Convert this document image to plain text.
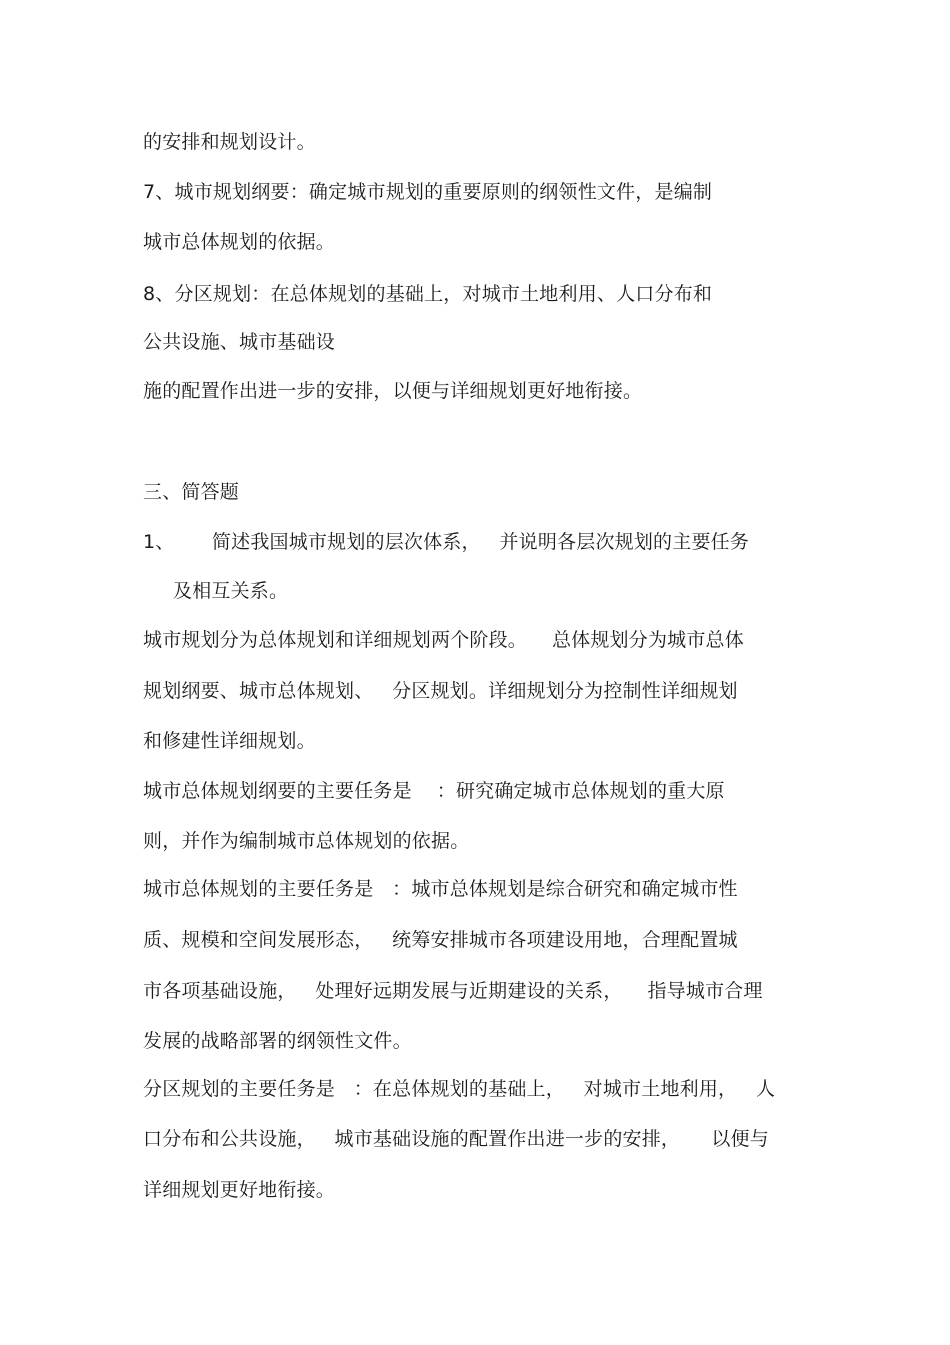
的安排和规划设计。
7、城市规划纲要：确定城市规划的重要原则的纲领性文件，是编制
城市总体规划的依据。
8、分区规划：在总体规划的基础上，对城市土地利用、人口分布和
公共设施、城市基础设
施的配置作出进一步的安排，以便与详细规划更好地衔接。
三、简答题
1、      简述我国城市规划的层次体系，   并说明各层次规划的主要任务
及相互关系。
城市规划分为总体规划和详细规划两个阶段。    总体规划分为城市总体
规划纲要、城市总体规划、   分区规划。详细规划分为控制性详细规划
和修建性详细规划。
城市总体规划纲要的主要任务是    ：研究确定城市总体规划的重大原
则，并作为编制城市总体规划的依据。
城市总体规划的主要任务是   ：城市总体规划是综合研究和确定城市性
质、规模和空间发展形态，   统筹安排城市各项建设用地，合理配置城
市各项基础设施，   处理好远期发展与近期建设的关系，    指导城市合理
发展的战略部署的纲领性文件。
分区规划的主要任务是   ：在总体规划的基础上，   对城市土地利用，   人
口分布和公共设施，   城市基础设施的配置作出进一步的安排，     以便与
详细规划更好地衔接。
